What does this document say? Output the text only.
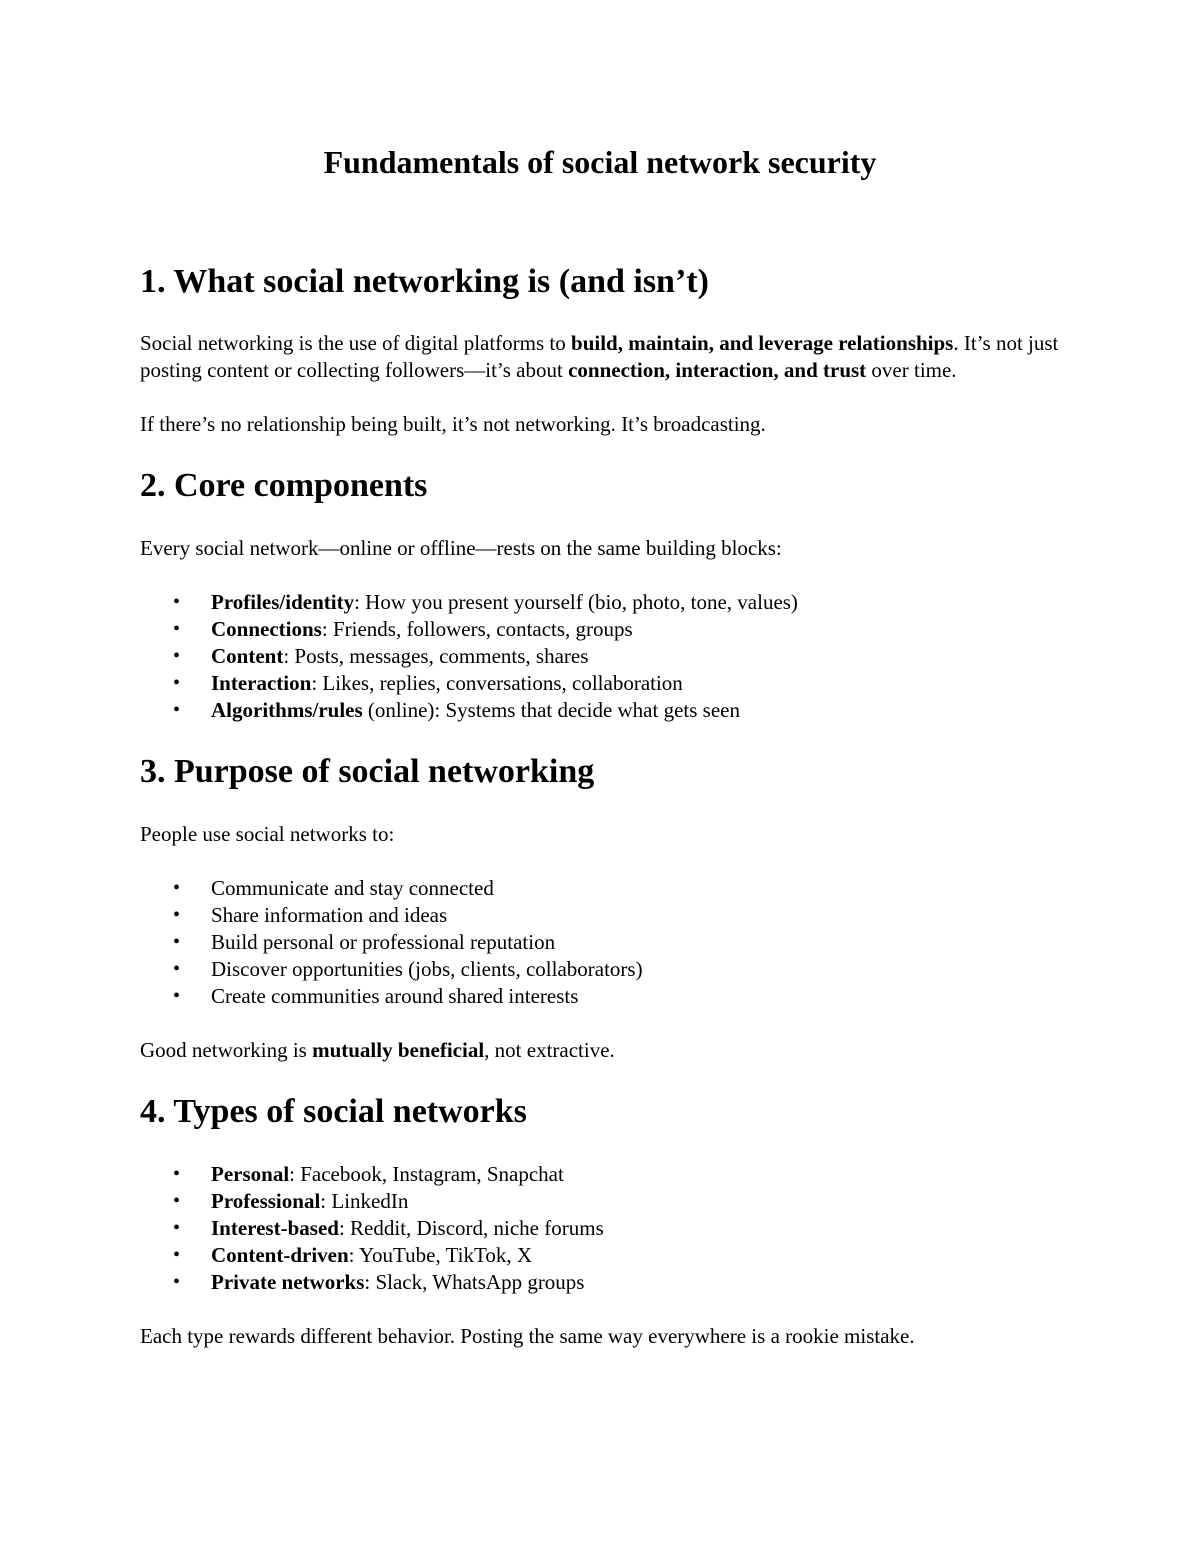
Fundamentals of social network security
1. What social networking is (and isn’t)

Social networking is the use of digital platforms to build, maintain, and leverage relationships. It’s not just posting content or collecting followers—it’s about connection, interaction, and trust over time.

If there’s no relationship being built, it’s not networking. It’s broadcasting.

2. Core components

Every social network—online or offline—rests on the same building blocks:

• Profiles/identity: How you present yourself (bio, photo, tone, values)
• Connections: Friends, followers, contacts, groups
• Content: Posts, messages, comments, shares
• Interaction: Likes, replies, conversations, collaboration
• Algorithms/rules (online): Systems that decide what gets seen
3. Purpose of social networking

People use social networks to:

• Communicate and stay connected
• Share information and ideas
• Build personal or professional reputation
• Discover opportunities (jobs, clients, collaborators)
• Create communities around shared interests

Good networking is mutually beneficial, not extractive.

4. Types of social networks
• Personal: Facebook, Instagram, Snapchat
• Professional: LinkedIn
• Interest-based: Reddit, Discord, niche forums
• Content-driven: YouTube, TikTok, X
• Private networks: Slack, WhatsApp groups

Each type rewards different behavior. Posting the same way everywhere is a rookie mistake.
